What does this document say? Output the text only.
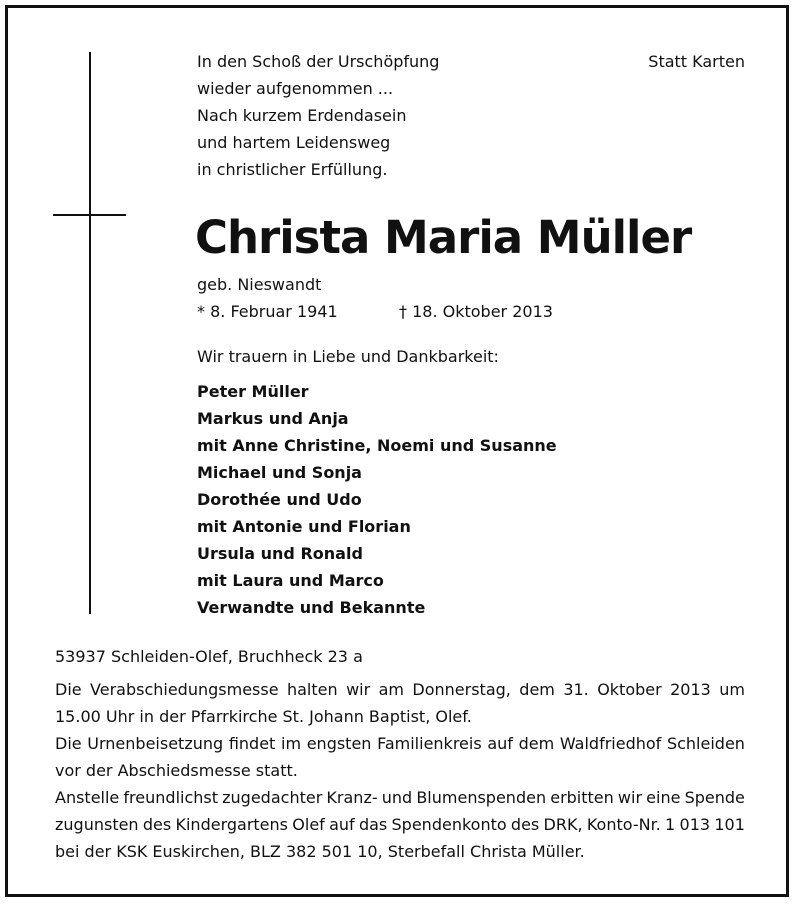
In den Schoß der Urschöpfung
wieder aufgenommen ...
Nach kurzem Erdendasein
und hartem Leidensweg
in christlicher Erfüllung.
Statt Karten
Christa Maria Müller
geb. Nieswandt
* 8. Februar 1941	† 18. Oktober 2013
Wir trauern in Liebe und Dankbarkeit:
Peter Müller
Markus und Anja
mit Anne Christine, Noemi und Susanne
Michael und Sonja
Dorothée und Udo
mit Antonie und Florian
Ursula und Ronald
mit Laura und Marco
Verwandte und Bekannte
53937 Schleiden-Olef, Bruchheck 23 a
Die Verabschiedungsmesse halten wir am Donnerstag, dem 31. Oktober 2013 um
15.00 Uhr in der Pfarrkirche St. Johann Baptist, Olef.
Die Urnenbeisetzung findet im engsten Familienkreis auf dem Waldfriedhof Schleiden
vor der Abschiedsmesse statt.
Anstelle freundlichst zugedachter Kranz- und Blumenspenden erbitten wir eine Spende
zugunsten des Kindergartens Olef auf das Spendenkonto des DRK, Konto-Nr. 1 013 101
bei der KSK Euskirchen, BLZ 382 501 10, Sterbefall Christa Müller.
